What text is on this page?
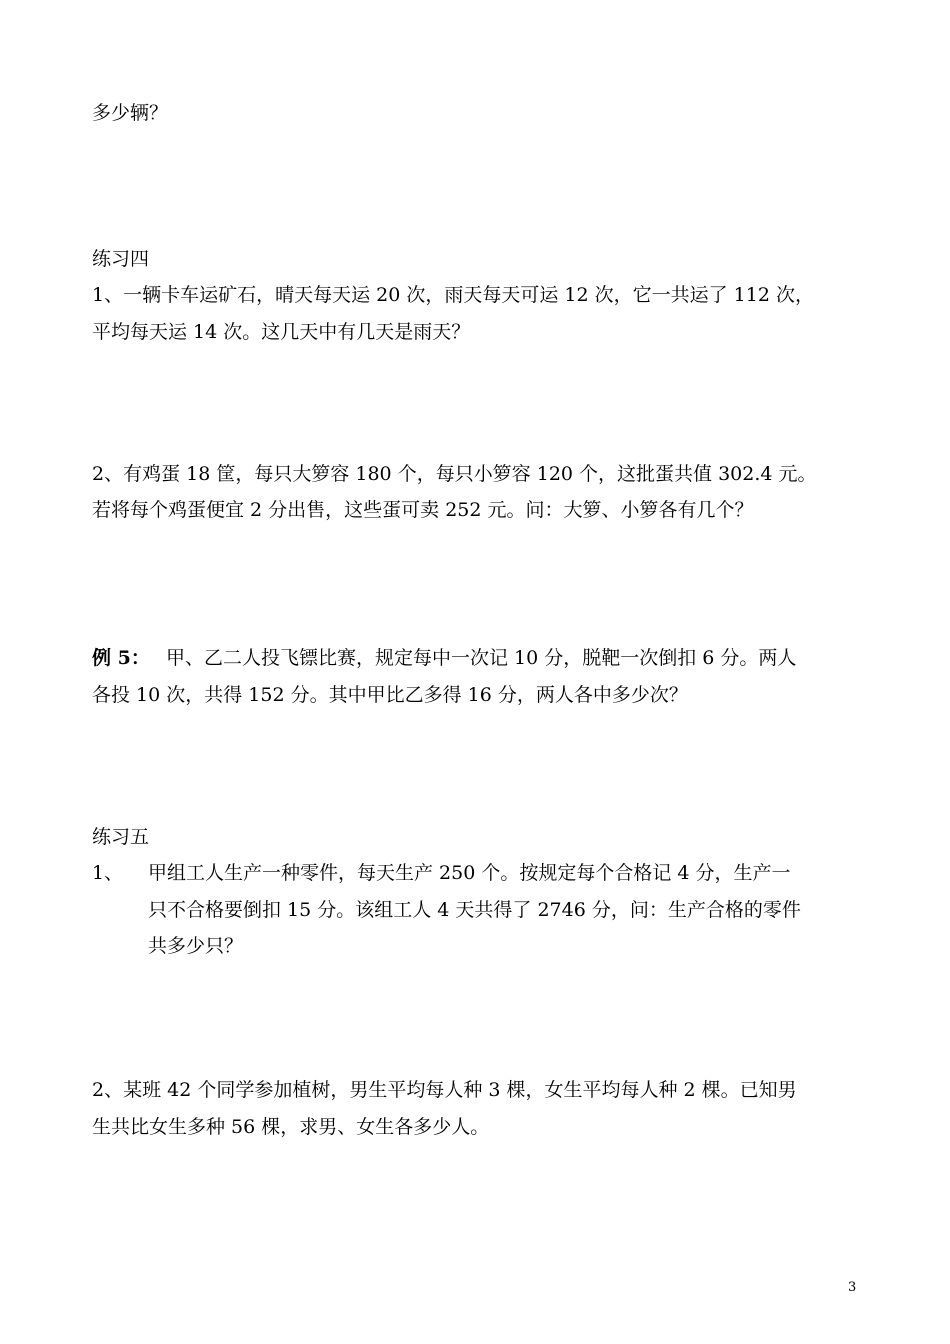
多少辆？
练习四
1、一辆卡车运矿石，晴天每天运 20 次，雨天每天可运 12 次，它一共运了 112 次，
平均每天运 14 次。这几天中有几天是雨天？
2、有鸡蛋 18 筐，每只大箩容 180 个，每只小箩容 120 个，这批蛋共值 302.4 元。
若将每个鸡蛋便宜 2 分出售，这些蛋可卖 252 元。问：大箩、小箩各有几个？
例 5： 甲、乙二人投飞镖比赛，规定每中一次记 10 分，脱靶一次倒扣 6 分。两人
各投 10 次，共得 152 分。其中甲比乙多得 16 分，两人各中多少次？
练习五
1、 甲组工人生产一种零件，每天生产 250 个。按规定每个合格记 4 分，生产一
只不合格要倒扣 15 分。该组工人 4 天共得了 2746 分，问：生产合格的零件
共多少只？
2、某班 42 个同学参加植树，男生平均每人种 3 棵，女生平均每人种 2 棵。已知男
生共比女生多种 56 棵，求男、女生各多少人。
3
